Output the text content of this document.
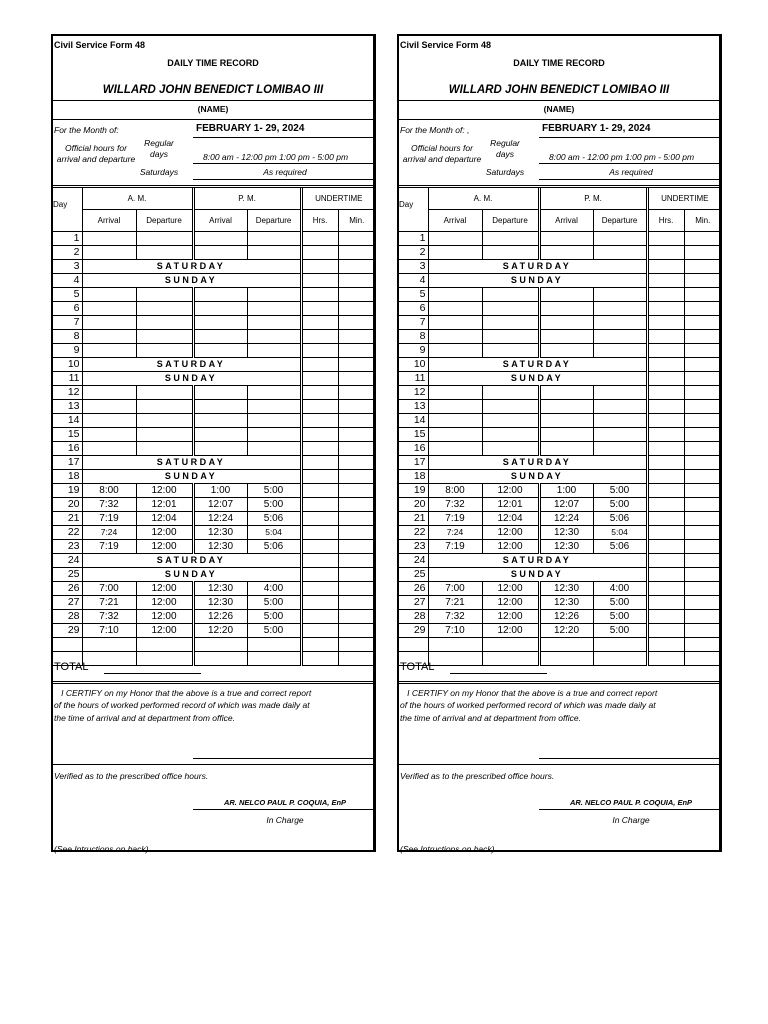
Civil Service Form 48
DAILY TIME RECORD
WILLARD JOHN BENEDICT LOMIBAO III
(NAME)
For the Month of:	FEBRUARY 1- 29, 2024
Official hours for arrival and departure
Regular days	8:00 am - 12:00 pm 1:00 pm - 5:00 pm
Saturdays	As required
	A. M.		P. M.		UNDERTIME	

Day	Arrival	Departure	Arrival	Departure	Hrs.	Min.
1						
2						
3	SATURDAY					
4	SUNDAY					
5						
6						
7						
8						
9						
10	SATURDAY					
11	SUNDAY					
12						
13						
14						
15						
16						
17	SATURDAY					
18	SUNDAY					
19	8:00	12:00	1:00	5:00		
20	7:32	12:01	12:07	5:00		
21	7:19	12:04	12:24	5:06		
22	7:24	12:00	12:30	5:04		
23	7:19	12:00	12:30	5:06		
24	SATURDAY					
25	SUNDAY					
26	7:00	12:00	12:30	4:00		
27	7:21	12:00	12:30	5:00		
28	7:32	12:00	12:26	5:00		
29	7:10	12:00	12:20	5:00		

TOTAL
I CERTIFY on my Honor that the above is a true and correct report of the hours of worked performed record of which was made daily at the time of arrival and at department from office.
Verified as to the prescribed office hours.
AR. NELCO PAUL P. COQUIA, EnP
In Charge
(See Intructions on back)
Civil Service Form 48
DAILY TIME RECORD
WILLARD JOHN BENEDICT LOMIBAO III
(NAME)
For the Month of: ,	FEBRUARY 1- 29, 2024
Official hours for arrival and departure
Regular days	8:00 am - 12:00 pm 1:00 pm - 5:00 pm
Saturdays	As required
	A. M.		P. M.		UNDERTIME	

Day	Arrival	Departure	Arrival	Departure	Hrs.	Min.
1						
2						
3	SATURDAY					
4	SUNDAY					
5						
6						
7						
8						
9						
10	SATURDAY					
11	SUNDAY					
12						
13						
14						
15						
16						
17	SATURDAY					
18	SUNDAY					
19	8:00	12:00	1:00	5:00		
20	7:32	12:01	12:07	5:00		
21	7:19	12:04	12:24	5:06		
22	7:24	12:00	12:30	5:04		
23	7:19	12:00	12:30	5:06		
24	SATURDAY					
25	SUNDAY					
26	7:00	12:00	12:30	4:00		
27	7:21	12:00	12:30	5:00		
28	7:32	12:00	12:26	5:00		
29	7:10	12:00	12:20	5:00		

TOTAL
I CERTIFY on my Honor that the above is a true and correct report of the hours of worked performed record of which was made daily at the time of arrival and at department from office.
Verified as to the prescribed office hours.
AR. NELCO PAUL P. COQUIA, EnP
In Charge
(See Intructions on back)
